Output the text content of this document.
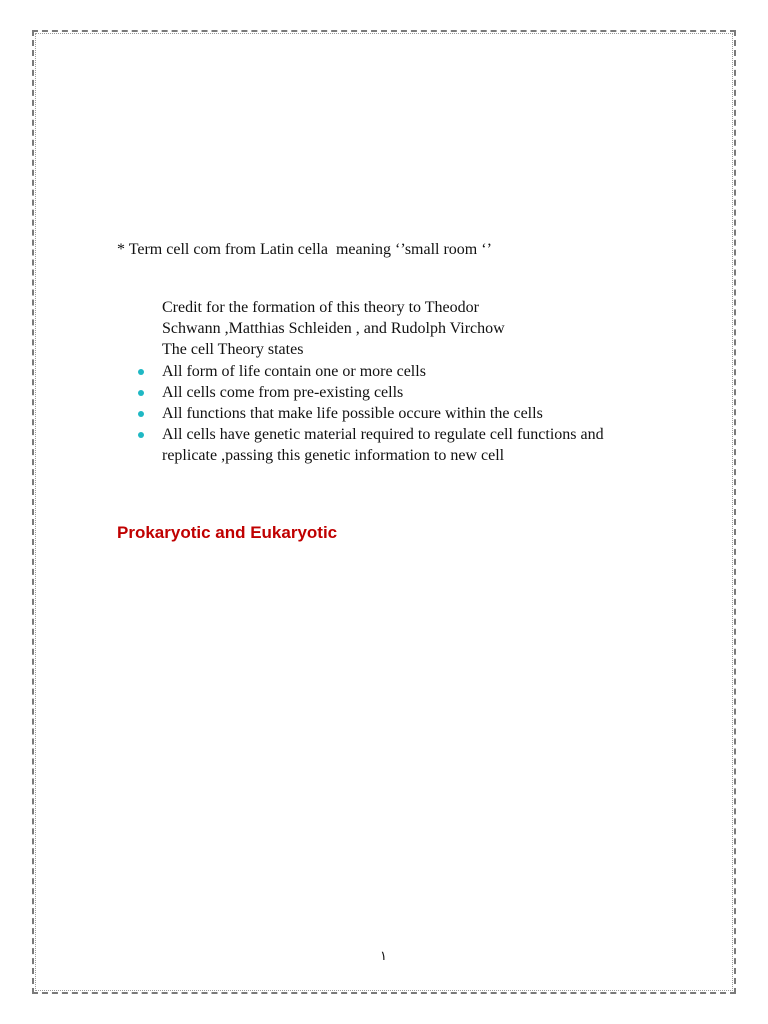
* Term cell com from Latin cella  meaning ‘’small room ‘’

Credit for the formation of this theory to Theodor

Schwann ,Matthias Schleiden , and Rudolph Virchow

The cell Theory states

All form of life contain one or more cells
All cells come from pre-existing cells
All functions that make life possible occure within the cells
All cells have genetic material required to regulate cell functions and replicate ,passing this genetic information to new cell
Prokaryotic and Eukaryotic
١
